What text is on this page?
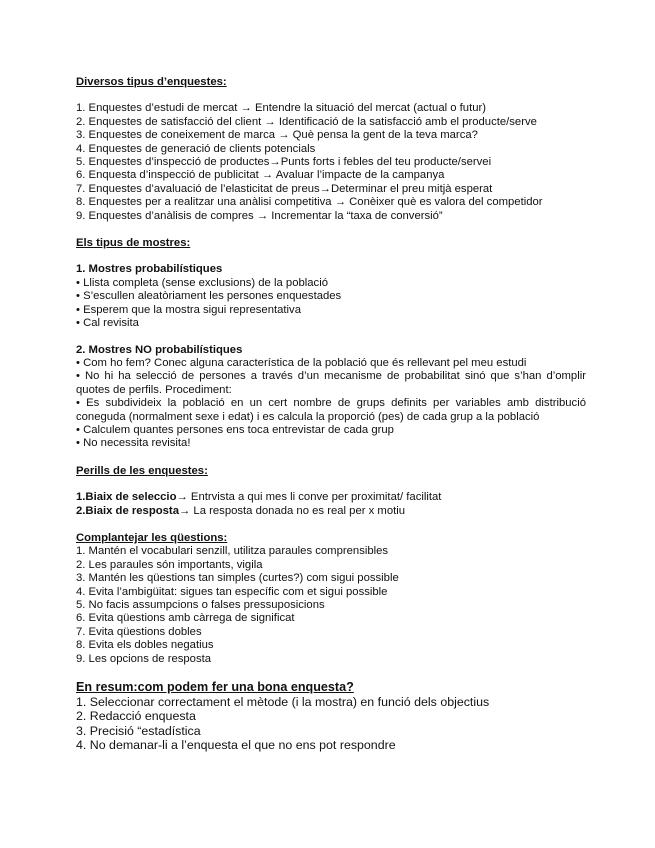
Diversos tipus d’enquestes:

1. Enquestes d’estudi de mercat → Entendre la situació del mercat (actual o futur)

2. Enquestes de satisfacció del client → Identificació de la satisfacció amb el producte/serve

3. Enquestes de coneixement de marca → Què pensa la gent de la teva marca?

4. Enquestes de generació de clients potencials

5. Enquestes d’inspecció de productes→Punts forts i febles del teu producte/servei

6. Enquesta d’inspecció de publicitat → Avaluar l’impacte de la campanya

7. Enquestes d’avaluació de l’elasticitat de preus→Determinar el preu mitjà esperat

8. Enquestes per a realitzar una anàlisi competitiva → Conèixer què es valora del competidor

9. Enquestes d’anàlisis de compres → Incrementar la “taxa de conversió”

Els tipus de mostres:

1. Mostres probabilístiques

• Llista completa (sense exclusions) de la població

• S’escullen aleatòriament les persones enquestades

• Esperem que la mostra sigui representativa

• Cal revisita

2. Mostres NO probabilístiques

• Com ho fem? Conec alguna característica de la població que és rellevant pel meu estudi

• No hi ha selecció de persones a través d’un mecanisme de probabilitat sinó que s’han d’omplir quotes de perfils. Procediment:

• Es subdivideix la població en un cert nombre de grups definits per variables amb distribució coneguda (normalment sexe i edat) i es calcula la proporció (pes) de cada grup a la població

• Calculem quantes persones ens toca entrevistar de cada grup

• No necessita revisita!

Perills de les enquestes:

1.Biaix de seleccio→ Entrvista a qui mes li conve per proximitat/ facilitat

2.Biaix de resposta→ La resposta donada no es real per x motiu

Complantejar les qüestions:

1. Mantén el vocabulari senzill, utilitza paraules comprensibles

2. Les paraules són importants, vigila

3. Mantén les qüestions tan simples (curtes?) com sigui possible

4. Evita l’ambigüitat: sigues tan específic com et sigui possible

5. No facis assumpcions o falses pressuposicions

6. Evita qüestions amb càrrega de significat

7. Evita qüestions dobles

8. Evita els dobles negatius

9. Les opcions de resposta

En resum:com podem fer una bona enquesta?

1. Seleccionar correctament el mètode (i la mostra) en funció dels objectius

2. Redacció enquesta

3. Precisió “estadística

4. No demanar-li a l’enquesta el que no ens pot respondre
